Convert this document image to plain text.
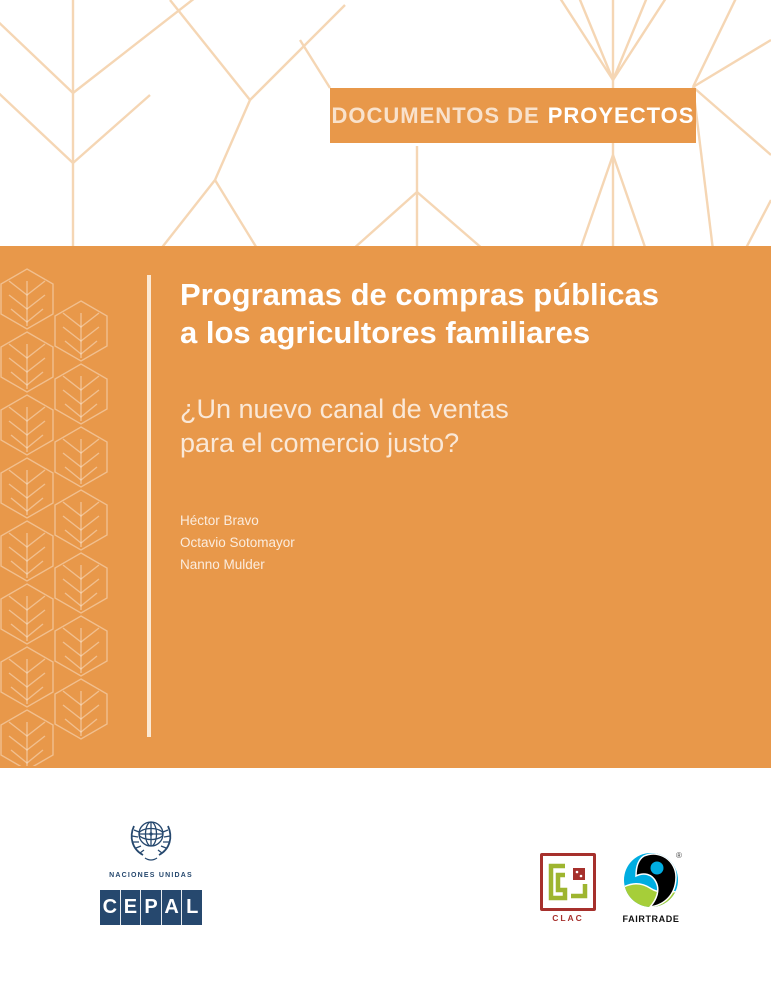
DOCUMENTOS DE PROYECTOS
Programas de compras públicas
a los agricultores familiares
¿Un nuevo canal de ventas
para el comercio justo?
Héctor Bravo
Octavio Sotomayor
Nanno Mulder
NACIONES UNIDAS
C E P A L	CLAC
®
FAIRTRADE
